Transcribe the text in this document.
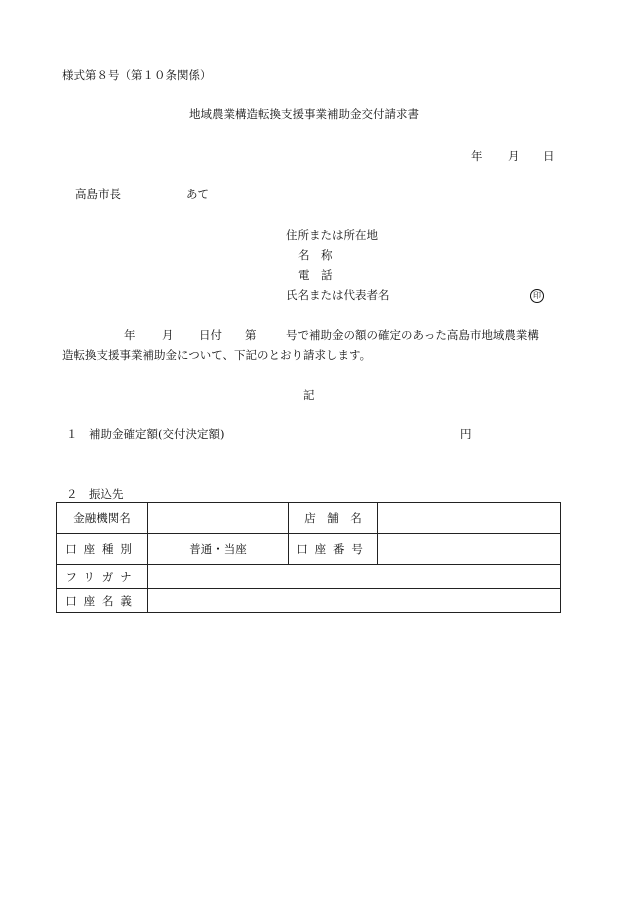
様式第８号（第１０条関係）
地域農業構造転換支援事業補助金交付請求書
年 月 日
高島市長	あて
住所または所在地
名　称
電　話
氏名または代表者名	印
年 月 日付 第	号で補助金の額の確定のあった高島市地域農業構
造転換支援事業補助金について、下記のとおり請求します。
記
１　補助金確定額(交付決定額)	円
２　振込先
金融機関名		店　舗　名	
口座種別	普通・当座	口座番号	
フリガナ			
口座名義			
